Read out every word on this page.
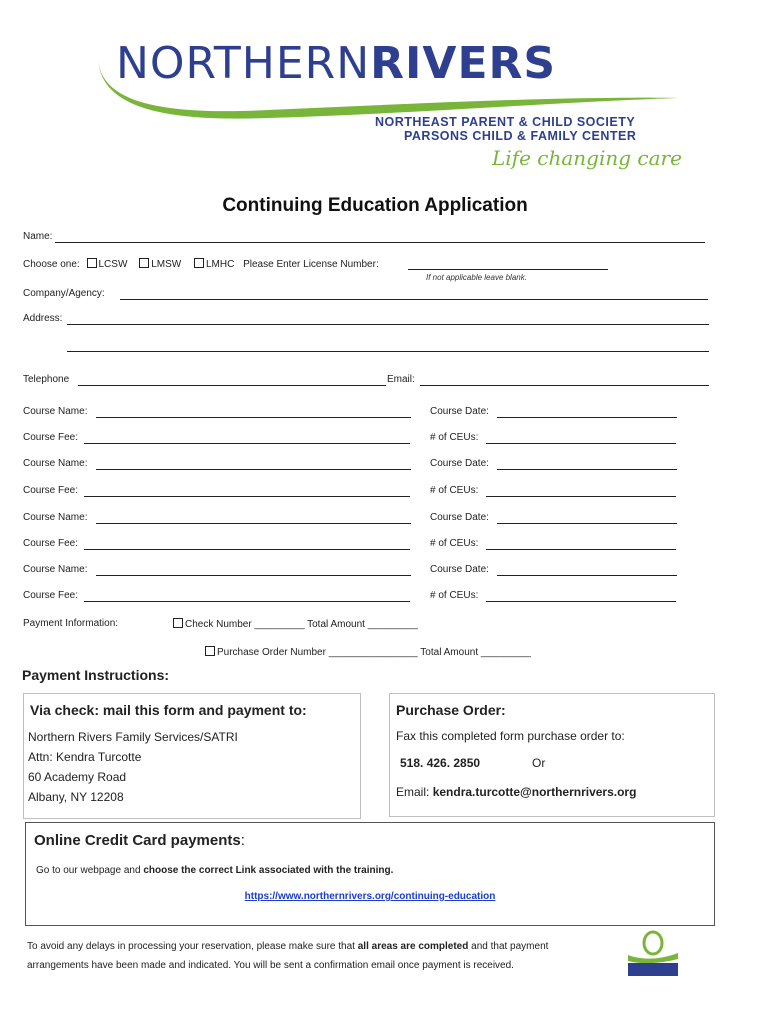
NORTHERNRIVERS
NORTHEAST PARENT & CHILD SOCIETY
PARSONS CHILD & FAMILY CENTER
Life changing care
Continuing Education Application
Name:
Choose one: LCSW LMSW LMHC Please Enter License Number:
If not applicable leave blank.
Company/Agency:
Address:
Telephone	Email:
Course Name:	Course Date:
Course Fee:	# of CEUs:
Course Name:	Course Date:
Course Fee:	# of CEUs:
Course Name:	Course Date:
Course Fee:	# of CEUs:
Course Name:	Course Date:
Course Fee:	# of CEUs:
Payment Information:	Check Number _________ Total Amount _________
Purchase Order Number ________________ Total Amount _________
Payment Instructions:
Via check: mail this form and payment to:
Northern Rivers Family Services/SATRI
Attn: Kendra Turcotte
60 Academy Road
Albany, NY 12208
Purchase Order:
Fax this completed form purchase order to:
518. 426. 2850	Or
Email: kendra.turcotte@northernrivers.org
Online Credit Card payments:
Go to our webpage and choose the correct Link associated with the training.
https://www.northernrivers.org/continuing-education
To avoid any delays in processing your reservation, please make sure that all areas are completed and that payment arrangements have been made and indicated. You will be sent a confirmation email once payment is received.
